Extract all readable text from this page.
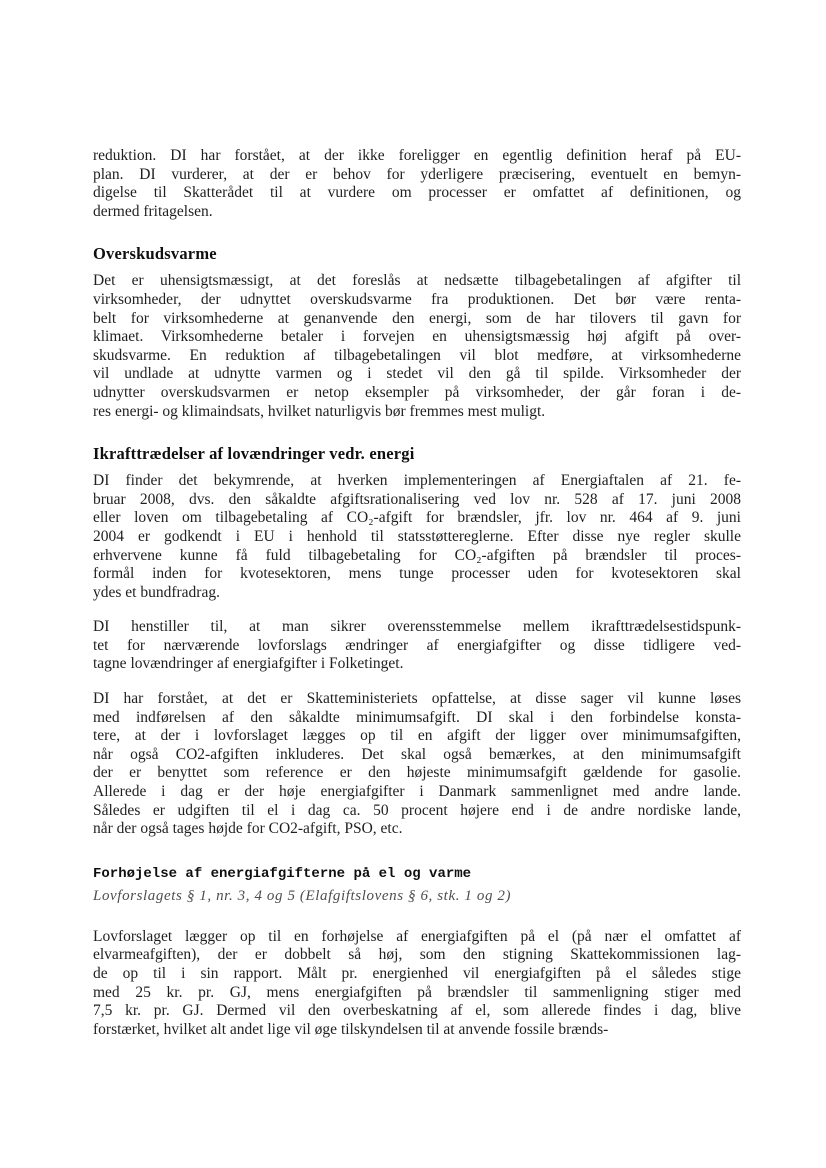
reduktion. DI har forstået, at der ikke foreligger en egentlig definition heraf på EU-
plan. DI vurderer, at der er behov for yderligere præcisering, eventuelt en bemyn-
digelse til Skatterådet til at vurdere om processer er omfattet af definitionen, og
dermed fritagelsen.
Overskudsvarme
Det er uhensigtsmæssigt, at det foreslås at nedsætte tilbagebetalingen af afgifter til
virksomheder, der udnyttet overskudsvarme fra produktionen. Det bør være renta-
belt for virksomhederne at genanvende den energi, som de har tilovers til gavn for
klimaet. Virksomhederne betaler i forvejen en uhensigtsmæssig høj afgift på over-
skudsvarme. En reduktion af tilbagebetalingen vil blot medføre, at virksomhederne
vil undlade at udnytte varmen og i stedet vil den gå til spilde. Virksomheder der
udnytter overskudsvarmen er netop eksempler på virksomheder, der går foran i de-
res energi- og klimaindsats, hvilket naturligvis bør fremmes mest muligt.
Ikrafttrædelser af lovændringer vedr. energi
DI finder det bekymrende, at hverken implementeringen af Energiaftalen af 21. fe-
bruar 2008, dvs. den såkaldte afgiftsrationalisering ved lov nr. 528 af 17. juni 2008
eller loven om tilbagebetaling af CO₂-afgift for brændsler, jfr. lov nr. 464 af 9. juni
2004 er godkendt i EU i henhold til statsstøttereglerne. Efter disse nye regler skulle
erhvervene kunne få fuld tilbagebetaling for CO₂-afgiften på brændsler til proces-
formål inden for kvotesektoren, mens tunge processer uden for kvotesektoren skal
ydes et bundfradrag.
DI henstiller til, at man sikrer overensstemmelse mellem ikrafttrædelsestidspunk-
tet for nærværende lovforslags ændringer af energiafgifter og disse tidligere ved-
tagne lovændringer af energiafgifter i Folketinget.
DI har forstået, at det er Skatteministeriets opfattelse, at disse sager vil kunne løses
med indførelsen af den såkaldte minimumsafgift. DI skal i den forbindelse konsta-
tere, at der i lovforslaget lægges op til en afgift der ligger over minimumsafgiften,
når også CO2-afgiften inkluderes. Det skal også bemærkes, at den minimumsafgift
der er benyttet som reference er den højeste minimumsafgift gældende for gasolie.
Allerede i dag er der høje energiafgifter i Danmark sammenlignet med andre lande.
Således er udgiften til el i dag ca. 50 procent højere end i de andre nordiske lande,
når der også tages højde for CO2-afgift, PSO, etc.
Forhøjelse af energiafgifterne på el og varme
Lovforslagets § 1, nr. 3, 4 og 5 (Elafgiftslovens § 6, stk. 1 og 2)
Lovforslaget lægger op til en forhøjelse af energiafgiften på el (på nær el omfattet af
elvarmeafgiften), der er dobbelt så høj, som den stigning Skattekommissionen lag-
de op til i sin rapport. Målt pr. energienhed vil energiafgiften på el således stige
med 25 kr. pr. GJ, mens energiafgiften på brændsler til sammenligning stiger med
7,5 kr. pr. GJ. Dermed vil den overbeskatning af el, som allerede findes i dag, blive
forstærket, hvilket alt andet lige vil øge tilskyndelsen til at anvende fossile brænds-
